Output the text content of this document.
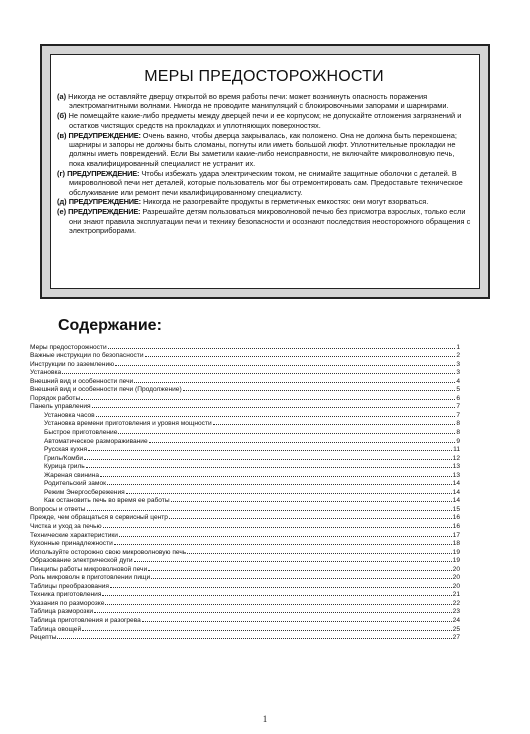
МЕРЫ ПРЕДОСТОРОЖНОСТИ

(а) Никогда не оставляйте дверцу открытой во время работы печи: может возникнуть опасность поражения электромагнитными волнами. Никогда не проводите манипуляций с блокировочными запорами и шарнирами.

(б) Не помещайте какие-либо предметы между дверцей печи и ее корпусом; не допускайте отложения загрязнений и остатков чистящих средств на прокладках и уплотняющих поверхностях.

(в) ПРЕДУПРЕЖДЕНИЕ: Очень важно, чтобы дверца закрывалась, как положено. Она не должна быть перекошена; шарниры и запоры не должны быть сломаны, погнуты или иметь большой люфт. Уплотнительные прокладки не должны иметь повреждений. Если Вы заметили какие-либо неисправности, не включайте микроволновую печь, пока квалифицированный специалист не устранит их.

(г) ПРЕДУПРЕЖДЕНИЕ: Чтобы избежать удара электрическим током, не снимайте защитные оболочки с деталей. В микроволновой печи нет деталей, которые пользователь мог бы отремонтировать сам. Предоставьте техническое обслуживание или ремонт печи квалифицированному специалисту.

(д) ПРЕДУПРЕЖДЕНИЕ: Никогда не разогревайте продукты в герметичных емкостях: они могут взорваться.

(е) ПРЕДУПРЕЖДЕНИЕ: Разрешайте детям пользоваться микроволновой печью без присмотра взрослых, только если они знают правила эксплуатации печи и технику безопасности и осознают последствия неосторожного обращения с электроприборами.

Содержание:
Меры предосторожности	1
Важные инструкции по безопасности	2
Инструкции по заземлению	3
Установка	3
Внешний вид и особенности печи	4
Внешний вид и особенности печи (Продолжение)	5
Порядок работы	6
Панель управления	7
Установка часов	7
Установка времени приготовления и уровня мощности	8
Быстрое приготовление	8
Автоматическое размораживание	9
Русская кухня	11
Гриль/Комби	12
Курица гриль	13
Жареная свинина	13
Родительский замок	14
Режим Энергосбережения	14
Как остановить печь во время ее работы	14
Вопросы и ответы	15
Прежде, чем обращаться в сервисный центр	16
Чистка и уход за печью	16
Технические характеристики	17
Кухонные принадлежности	18
Используйте осторожно свою микроволновую печь	19
Образование электрической дуги	19
Пинципы работы микроволновой печи	20
Роль микроволн в приготовлении пищи	20
Таблицы преобразования	20
Техника приготовления	21
Указания по разморозке	22
Таблица разморозки	23
Таблица приготовления и разогрева	24
Таблица овощей	25
Рецепты	27
1
